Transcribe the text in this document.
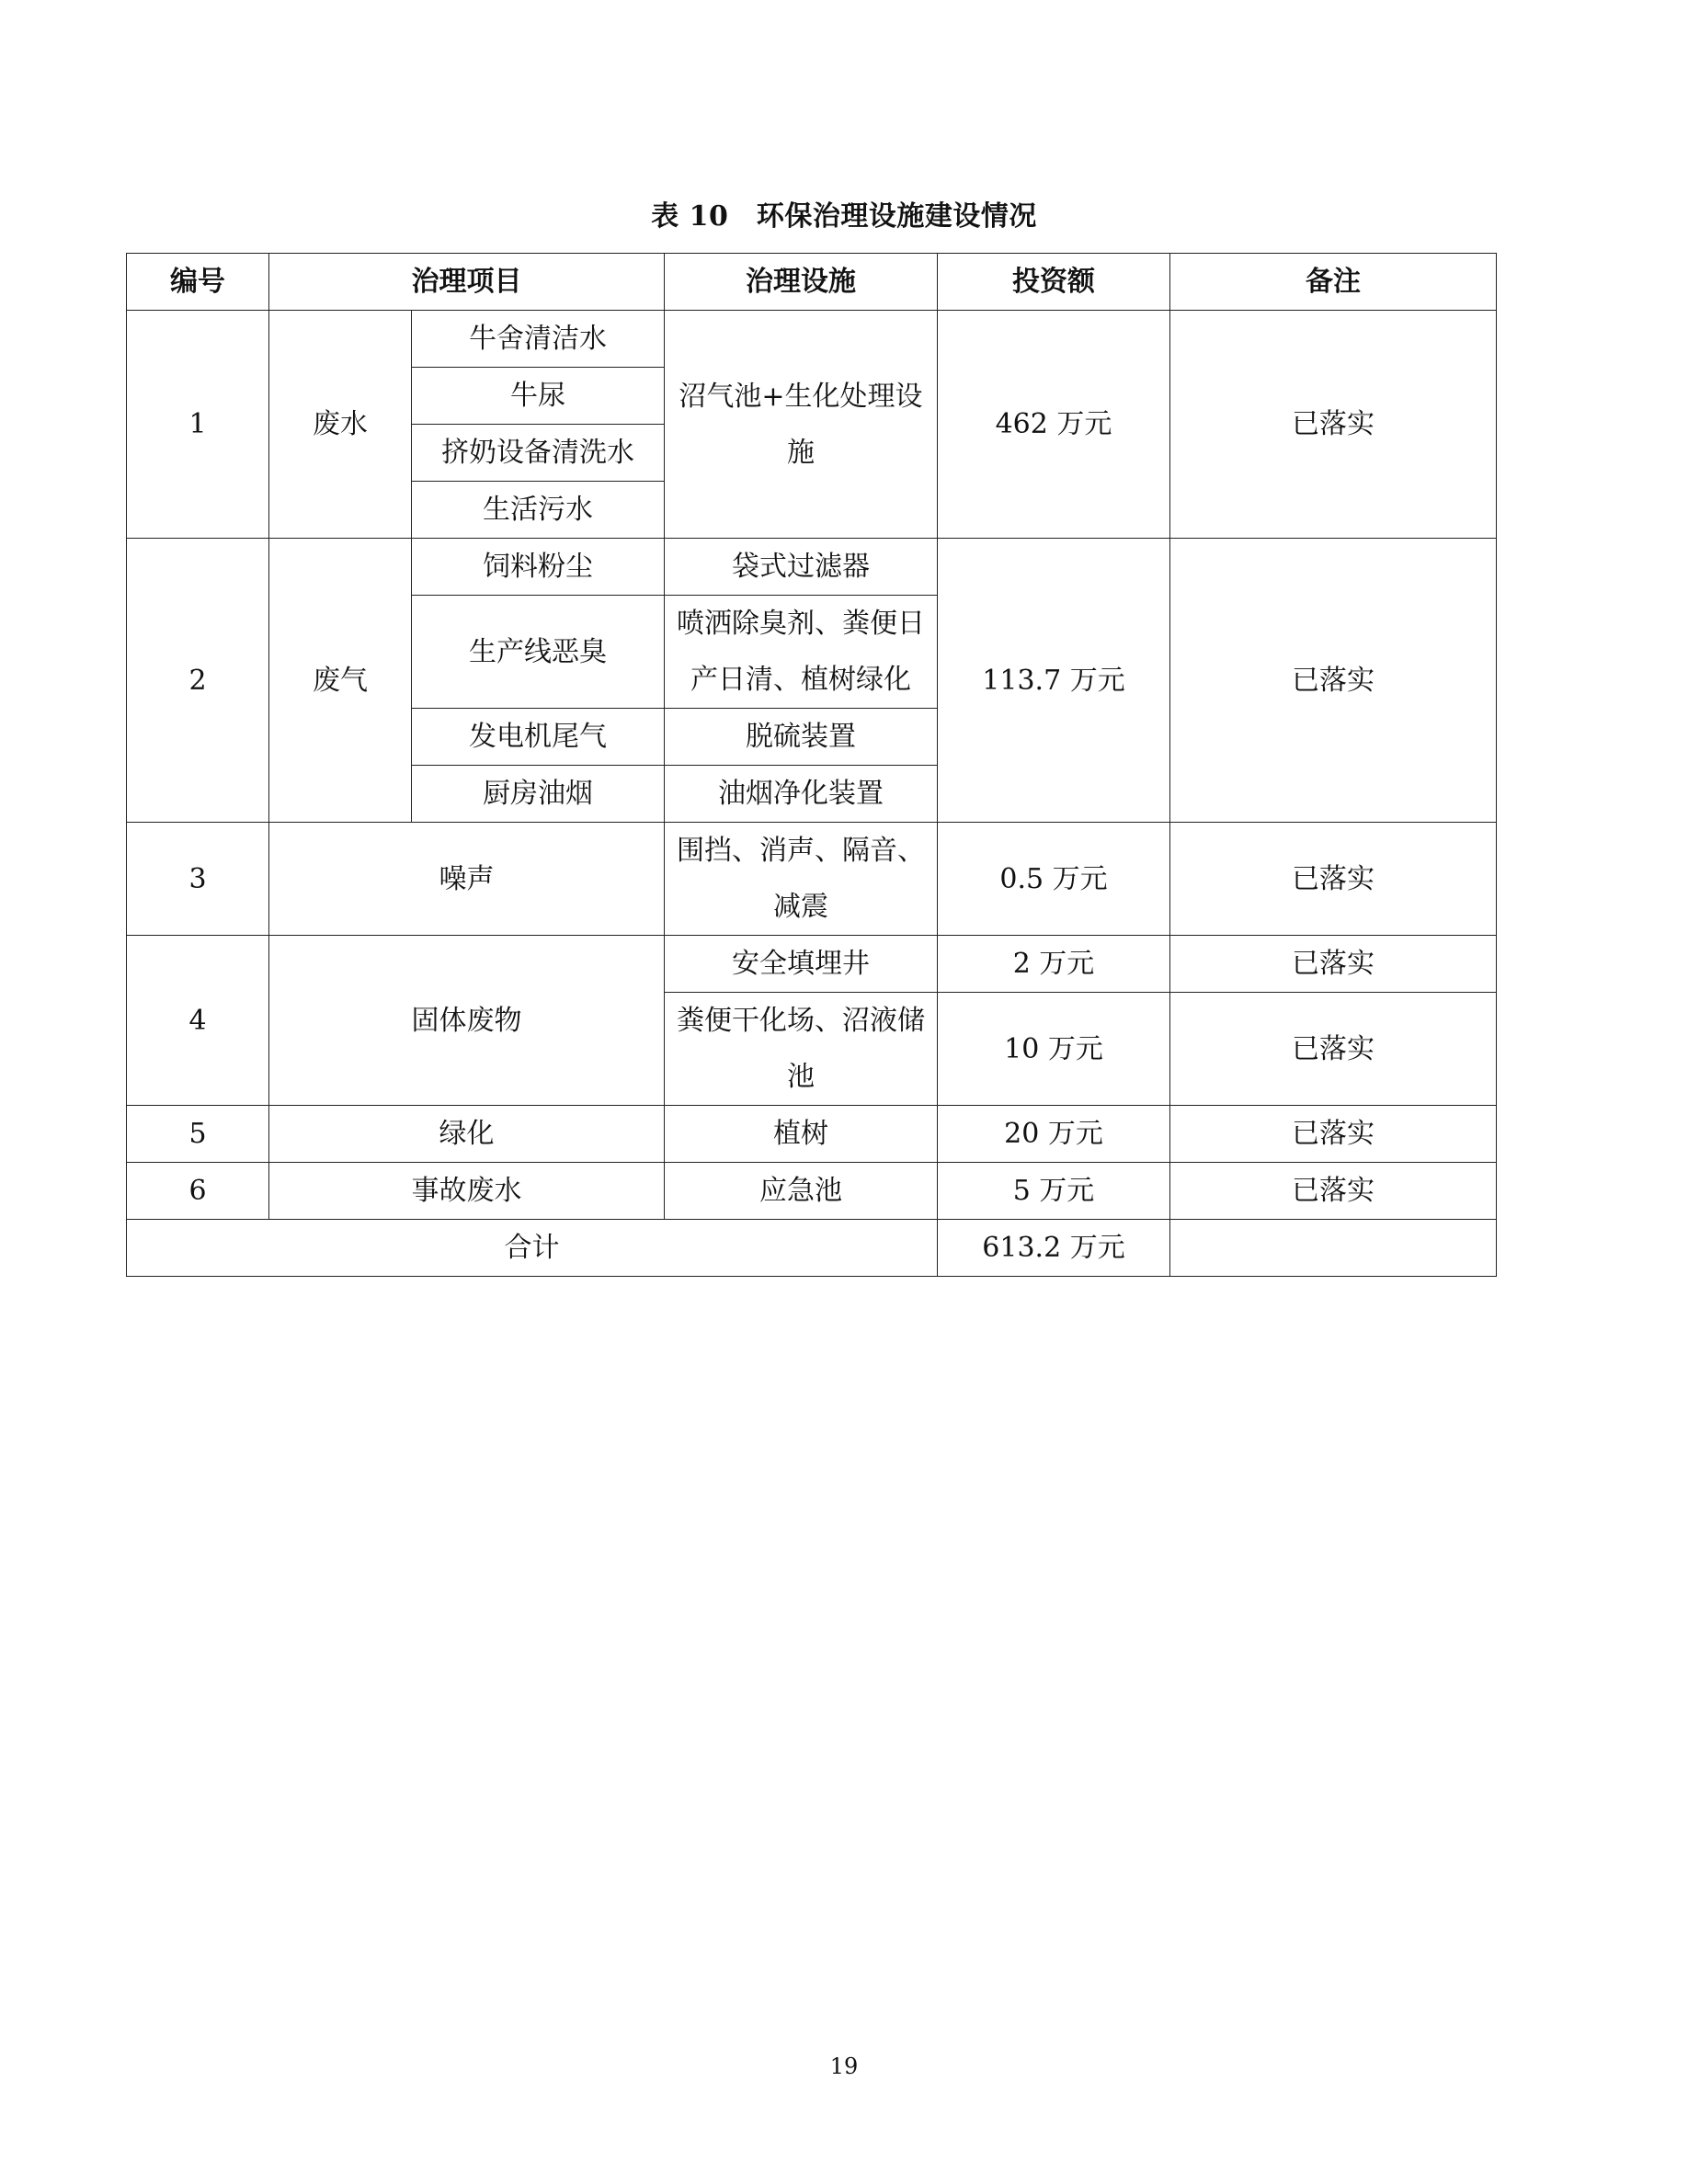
表 10　环保治理设施建设情况
编号	治理项目		治理设施	投资额	备注
1	废水	牛舍清洁水	沼气池+生化处理设施	462 万元	已落实
		牛尿			
		挤奶设备清洗水			
		生活污水			
2	废气	饲料粉尘	袋式过滤器	113.7 万元	已落实
		生产线恶臭	喷洒除臭剂、粪便日产日清、植树绿化		
		发电机尾气	脱硫装置		
		厨房油烟	油烟净化装置		
3	噪声		围挡、消声、隔音、减震	0.5 万元	已落实
4	固体废物		安全填埋井	2 万元	已落实
			粪便干化场、沼液储池	10 万元	已落实
5	绿化		植树	20 万元	已落实
6	事故废水		应急池	5 万元	已落实
合计				613.2 万元	
19
